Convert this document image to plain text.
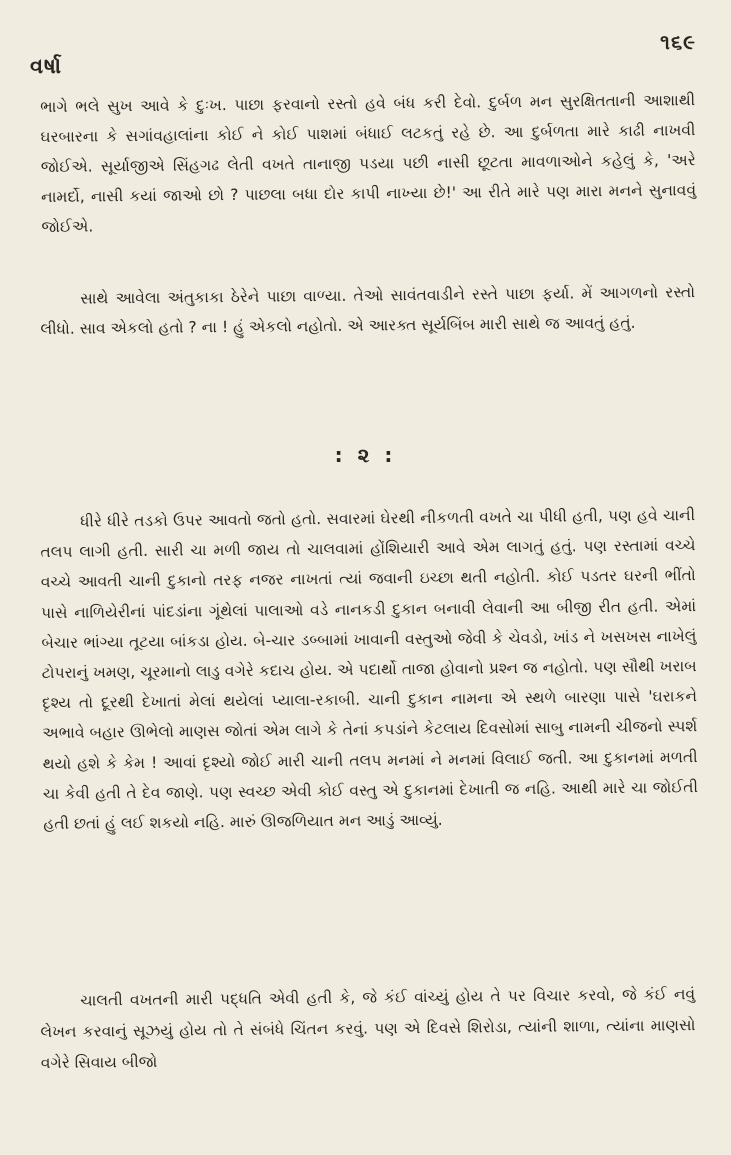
વર્ષા
૧૬૯

ભાગે ભલે સુખ આવે કે દુઃખ. પાછા ફરવાનો રસ્તો હવે બંધ કરી દેવો. દુર્બળ મન સુરક્ષિતતાની આશાથી ઘરબારના કે સગાંવહાલાંના કોઈ ને કોઈ પાશમાં બંધાઈ લટકતું રહે છે. આ દુર્બળતા મારે કાઢી નાખવી જોઈએ. સૂર્યાજીએ સિંહગઢ લેતી વખતે તાનાજી પડયા પછી નાસી છૂટતા માવળાઓને કહેલું કે, 'અરે નામર્દો, નાસી કયાં જાઓ છો ? પાછલા બધા દોર કાપી નાખ્યા છે!' આ રીતે મારે પણ મારા મનને સુનાવવું જોઈએ.

સાથે આવેલા અંતુકાકા ઠેરેને પાછા વાળ્યા. તેઓ સાવંતવાડીને રસ્તે પાછા ફર્યા. મેં આગળનો રસ્તો લીધો. સાવ એકલો હતો ? ના ! હું એકલો નહોતો. એ આરક્ત સૂર્યબિંબ મારી સાથે જ આવતું હતું.

: ૨ :

ધીરે ધીરે તડકો ઉપર આવતો જતો હતો. સવારમાં ઘેરથી નીકળતી વખતે ચા પીધી હતી, પણ હવે ચાની તલપ લાગી હતી. સારી ચા મળી જાય તો ચાલવામાં હોંશિયારી આવે એમ લાગતું હતું. પણ રસ્તામાં વચ્ચે વચ્ચે આવતી ચાની દુકાનો તરફ નજર નાખતાં ત્યાં જવાની ઇચ્છા થતી નહોતી. કોઈ પડતર ઘરની ભીંતો પાસે નાળિયેરીનાં પાંદડાંના ગૂંથેલાં પાલાઓ વડે નાનકડી દુકાન બનાવી લેવાની આ બીજી રીત હતી. એમાં બેચાર ભાંગ્યા તૂટયા બાંકડા હોય. બે-ચાર ડબ્બામાં ખાવાની વસ્તુઓ જેવી કે ચેવડો, ખાંડ ને ખસખસ નાખેલું ટોપરાનું ખમણ, ચૂરમાનો લાડુ વગેરે કદાચ હોય. એ પદાર્થો તાજા હોવાનો પ્રશ્ન જ નહોતો. પણ સૌથી ખરાબ દૃશ્ય તો દૂરથી દેખાતાં મેલાં થયેલાં પ્યાલા-રકાબી. ચાની દુકાન નામના એ સ્થળે બારણા પાસે 'ઘરાકને અભાવે બહાર ઊભેલો માણસ જોતાં એમ લાગે કે તેનાં કપડાંને કેટલાય દિવસોમાં સાબુ નામની ચીજનો સ્પર્શ થયો હશે કે કેમ ! આવાં દૃશ્યો જોઈ મારી ચાની તલપ મનમાં ને મનમાં વિલાઈ જતી. આ દુકાનમાં મળતી ચા કેવી હતી તે દેવ જાણે. પણ સ્વચ્છ એવી કોઈ વસ્તુ એ દુકાનમાં દેખાતી જ નહિ. આથી મારે ચા જોઈતી હતી છતાં હું લઈ શકયો નહિ. મારું ઊજળિયાત મન આડું આવ્યું.

ચાલતી વખતની મારી પદ્ધતિ એવી હતી કે, જે કંઈ વાંચ્યું હોય તે પર વિચાર કરવો, જે કંઈ નવું લેખન કરવાનું સૂઝયું હોય તો તે સંબંધે ચિંતન કરવું. પણ એ દિવસે શિરોડા, ત્યાંની શાળા, ત્યાંના માણસો વગેરે સિવાય બીજો
